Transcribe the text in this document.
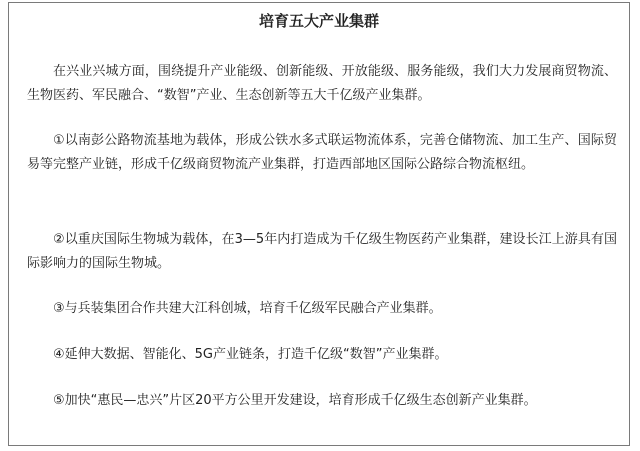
培育五大产业集群

在兴业兴城方面，围绕提升产业能级、创新能级、开放能级、服务能级，我们大力发展商贸物流、生物医药、军民融合、“数智”产业、生态创新等五大千亿级产业集群。

①以南彭公路物流基地为载体，形成公铁水多式联运物流体系，完善仓储物流、加工生产、国际贸易等完整产业链，形成千亿级商贸物流产业集群，打造西部地区国际公路综合物流枢纽。

②以重庆国际生物城为载体，在3—5年内打造成为千亿级生物医药产业集群，建设长江上游具有国际影响力的国际生物城。

③与兵装集团合作共建大江科创城，培育千亿级军民融合产业集群。

④延伸大数据、智能化、5G产业链条，打造千亿级“数智”产业集群。

⑤加快“惠民—忠兴”片区20平方公里开发建设，培育形成千亿级生态创新产业集群。
